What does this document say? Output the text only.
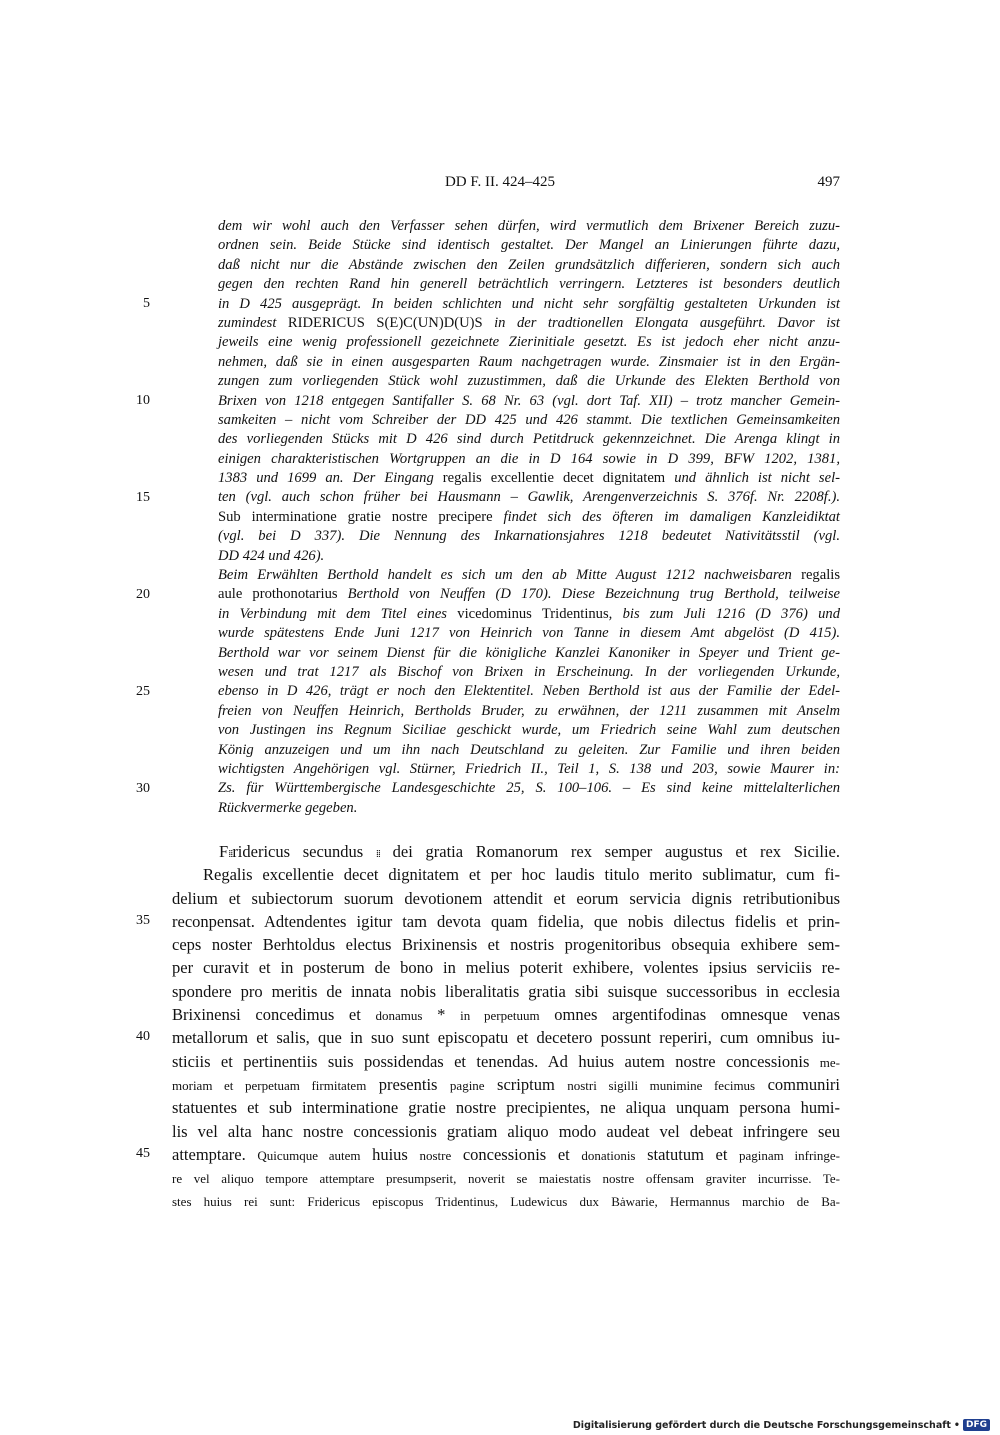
DD F. II. 424–425	497
dem wir wohl auch den Verfasser sehen dürfen, wird vermutlich dem Brixener Bereich zuzu-
ordnen sein. Beide Stücke sind identisch gestaltet. Der Mangel an Linierungen führte dazu,
daß nicht nur die Abstände zwischen den Zeilen grundsätzlich differieren, sondern sich auch
gegen den rechten Rand hin generell beträchtlich verringern. Letzteres ist besonders deutlich
in D 425 ausgeprägt. In beiden schlichten und nicht sehr sorgfältig gestalteten Urkunden ist
zumindest RIDERICUS S(E)C(UN)D(U)S in der tradtionellen Elongata ausgeführt. Davor ist
jeweils eine wenig professionell gezeichnete Zierinitiale gesetzt. Es ist jedoch eher nicht anzu-
nehmen, daß sie in einen ausgesparten Raum nachgetragen wurde. Zinsmaier ist in den Ergän-
zungen zum vorliegenden Stück wohl zuzustimmen, daß die Urkunde des Elekten Berthold von
Brixen von 1218 entgegen Santifaller S. 68 Nr. 63 (vgl. dort Taf. XII) – trotz mancher Gemein-
samkeiten – nicht vom Schreiber der DD 425 und 426 stammt. Die textlichen Gemeinsamkeiten
des vorliegenden Stücks mit D 426 sind durch Petitdruck gekennzeichnet. Die Arenga klingt in
einigen charakteristischen Wortgruppen an die in D 164 sowie in D 399, BFW 1202, 1381,
1383 und 1699 an. Der Eingang regalis excellentie decet dignitatem und ähnlich ist nicht sel-
ten (vgl. auch schon früher bei Hausmann – Gawlik, Arengenverzeichnis S. 376f. Nr. 2208f.).
Sub interminatione gratie nostre precipere findet sich des öfteren im damaligen Kanzleidiktat
(vgl. bei D 337). Die Nennung des Inkarnationsjahres 1218 bedeutet Nativitätsstil (vgl.
DD 424 und 426).
Beim Erwählten Berthold handelt es sich um den ab Mitte August 1212 nachweisbaren regalis
aule prothonotarius Berthold von Neuffen (D 170). Diese Bezeichnung trug Berthold, teilweise
in Verbindung mit dem Titel eines vicedominus Tridentinus, bis zum Juli 1216 (D 376) und
wurde spätestens Ende Juni 1217 von Heinrich von Tanne in diesem Amt abgelöst (D 415).
Berthold war vor seinem Dienst für die königliche Kanzlei Kanoniker in Speyer und Trient ge-
wesen und trat 1217 als Bischof von Brixen in Erscheinung. In der vorliegenden Urkunde,
ebenso in D 426, trägt er noch den Elektentitel. Neben Berthold ist aus der Familie der Edel-
freien von Neuffen Heinrich, Bertholds Bruder, zu erwähnen, der 1211 zusammen mit Anselm
von Justingen ins Regnum Siciliae geschickt wurde, um Friedrich seine Wahl zum deutschen
König anzuzeigen und um ihn nach Deutschland zu geleiten. Zur Familie und ihren beiden
wichtigsten Angehörigen vgl. Stürner, Friedrich II., Teil 1, S. 138 und 203, sowie Maurer in:
Zs. für Württembergische Landesgeschichte 25, S. 100–106. – Es sind keine mittelalterlichen
Rückvermerke gegeben.
5
10
15
20
25
30
F⁞⁞ridericus secundus ⁞⁞ dei gratia Romanorum rex semper augustus et rex Sicilie.
Regalis excellentie decet dignitatem et per hoc laudis titulo merito sublimatur, cum fi-
delium et subiectorum suorum devotionem attendit et eorum servicia dignis retributionibus
reconpensat. Adtendentes igitur tam devota quam fidelia, que nobis dilectus fidelis et prin-
ceps noster Berhtoldus electus Brixinensis et nostris progenitoribus obsequia exhibere sem-
per curavit et in posterum de bono in melius poterit exhibere, volentes ipsius serviciis re-
spondere pro meritis de innata nobis liberalitatis gratia sibi suisque successoribus in ecclesia
Brixinensi concedimus et donamus * in perpetuum omnes argentifodinas omnesque venas
metallorum et salis, que in suo sunt episcopatu et decetero possunt reperiri, cum omnibus iu-
sticiis et pertinentiis suis possidendas et tenendas. Ad huius autem nostre concessionis me-
moriam et perpetuam firmitatem presentis pagine scriptum nostri sigilli munimine fecimus communiri
statuentes et sub interminatione gratie nostre precipientes, ne aliqua unquam persona humi-
lis vel alta hanc nostre concessionis gratiam aliquo modo audeat vel debeat infringere seu
attemptare. Quicumque autem huius nostre concessionis et donationis statutum et paginam infringe-
re vel aliquo tempore attemptare presumpserit, noverit se maiestatis nostre offensam graviter incurrisse. Te-
stes huius rei sunt: Fridericus episcopus Tridentinus, Ludewicus dux Bȧwarie, Hermannus marchio de Ba-
35
40
45
Digitalisierung gefördert durch die Deutsche Forschungsgemeinschaft • DFG
